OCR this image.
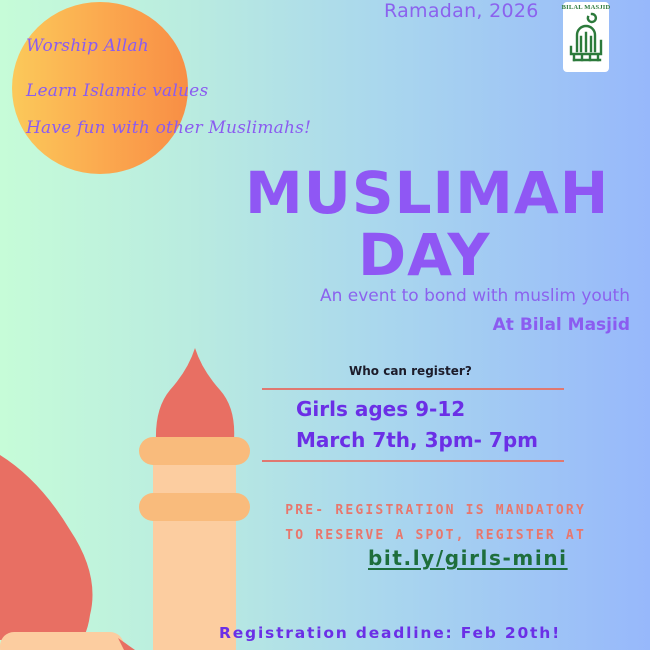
Worship Allah
Learn Islamic values
Have fun with other Muslimahs!
Ramadan, 2026	BILAL MASJID
MUSLIMAH
DAY
An event to bond with muslim youth
At Bilal Masjid
Who can register?
Girls ages 9-12
March 7th, 3pm- 7pm
PRE- REGISTRATION IS MANDATORY
TO RESERVE A SPOT, REGISTER AT
bit.ly/girls-mini
Registration deadline: Feb 20th!
